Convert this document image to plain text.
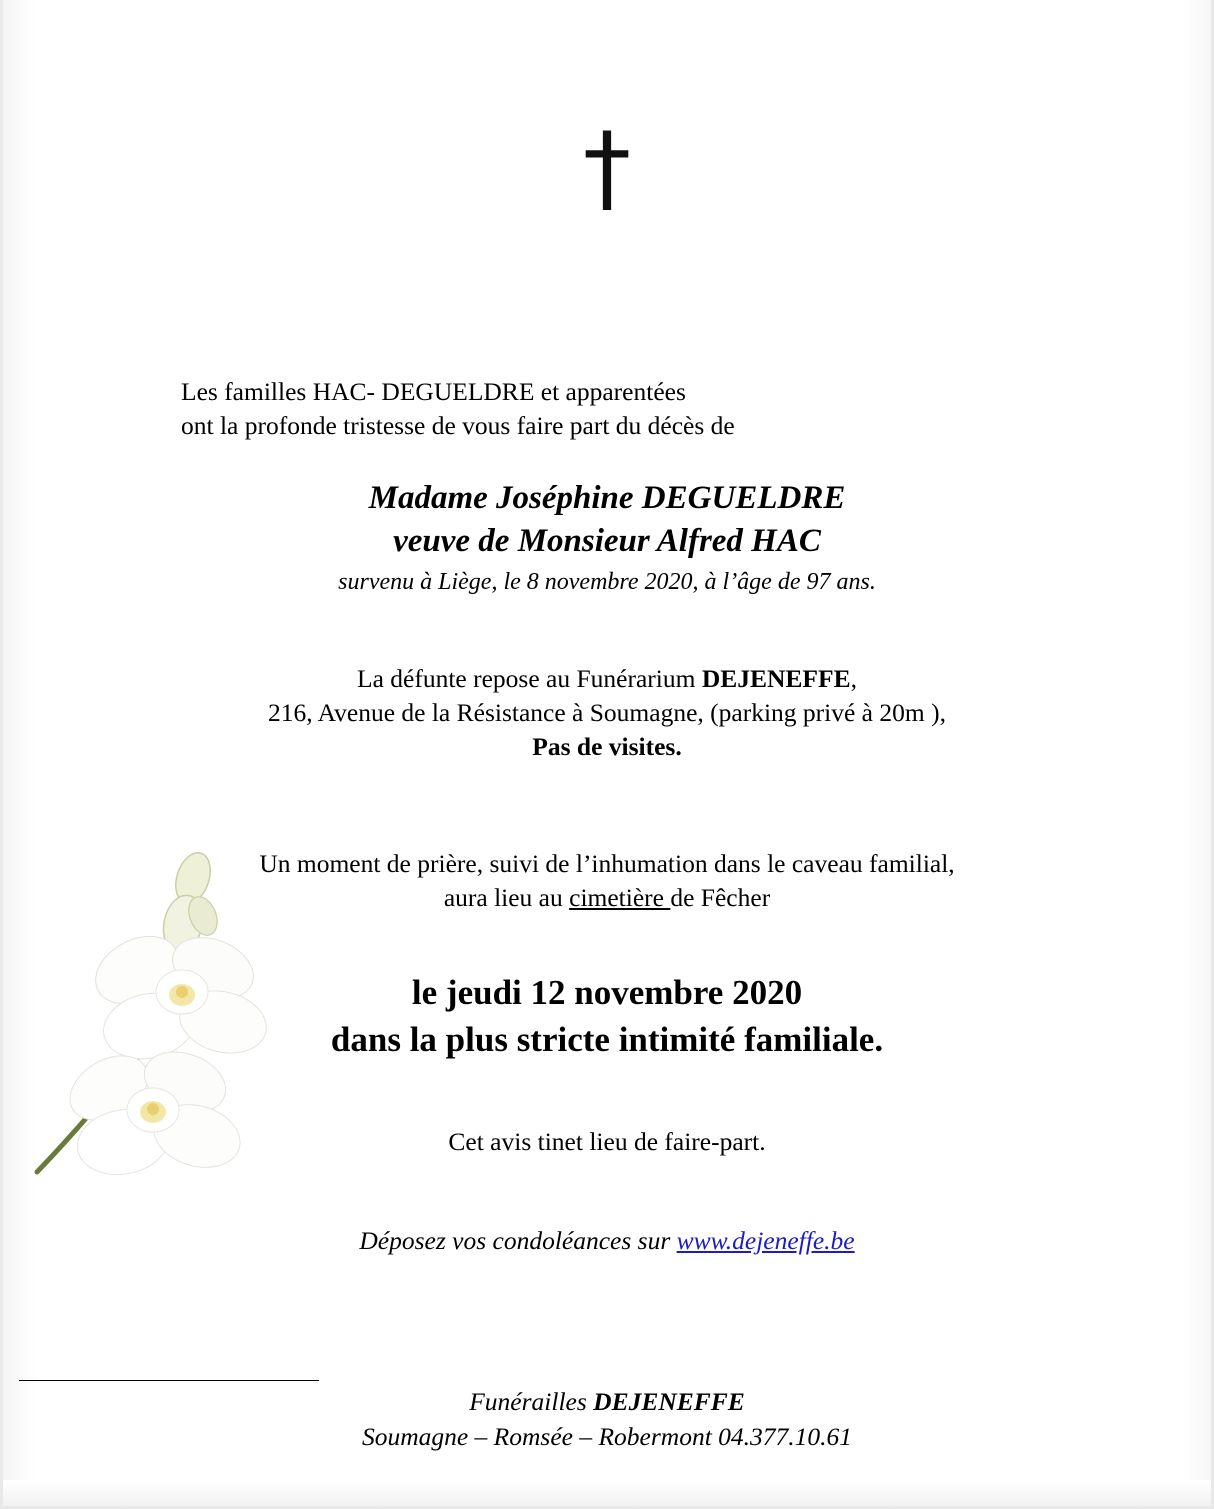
†
Les familles HAC- DEGUELDRE et apparentées
ont la profonde tristesse de vous faire part du décès de
Madame Joséphine DEGUELDRE
veuve de Monsieur Alfred HAC
survenu à Liège, le 8 novembre 2020, à l’âge de 97 ans.
La défunte repose au Funérarium DEJENEFFE,
216, Avenue de la Résistance à Soumagne, (parking privé à 20m ),
Pas de visites.
Un moment de prière, suivi de l’inhumation dans le caveau familial,
aura lieu au cimetière de Fêcher
le jeudi 12 novembre 2020
dans la plus stricte intimité familiale.
Cet avis tinet lieu de faire-part.
Déposez vos condoléances sur www.dejeneffe.be
Funérailles DEJENEFFE
Soumagne – Romsée – Robermont 04.377.10.61
